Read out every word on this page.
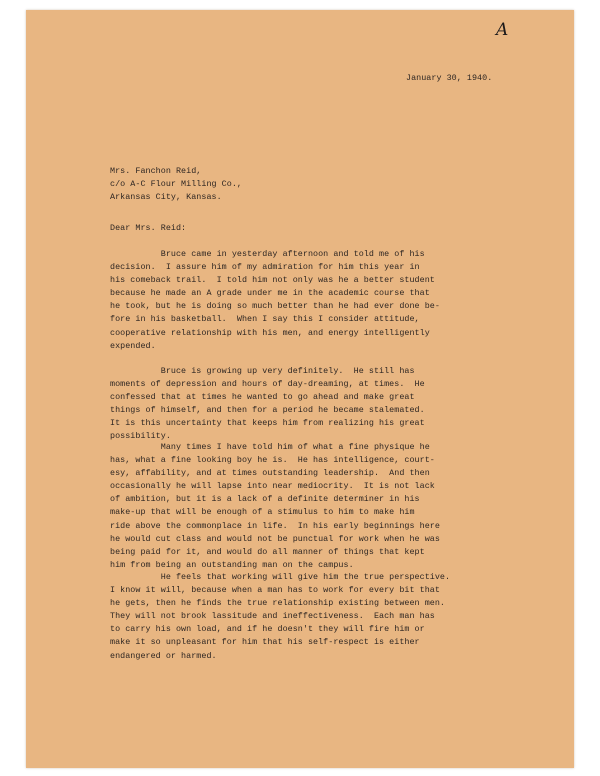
A
January 30, 1940.
Mrs. Fanchon Reid,
c/o A-C Flour Milling Co.,
Arkansas City, Kansas.
Dear Mrs. Reid:
Bruce came in yesterday afternoon and told me of his
decision.  I assure him of my admiration for him this year in
his comeback trail.  I told him not only was he a better student
because he made an A grade under me in the academic course that
he took, but he is doing so much better than he had ever done be-
fore in his basketball.  When I say this I consider attitude,
cooperative relationship with his men, and energy intelligently
expended.
Bruce is growing up very definitely.  He still has
moments of depression and hours of day-dreaming, at times.  He
confessed that at times he wanted to go ahead and make great
things of himself, and then for a period he became stalemated.
It is this uncertainty that keeps him from realizing his great
possibility.
Many times I have told him of what a fine physique he
has, what a fine looking boy he is.  He has intelligence, court-
esy, affability, and at times outstanding leadership.  And then
occasionally he will lapse into near mediocrity.  It is not lack
of ambition, but it is a lack of a definite determiner in his
make-up that will be enough of a stimulus to him to make him
ride above the commonplace in life.  In his early beginnings here
he would cut class and would not be punctual for work when he was
being paid for it, and would do all manner of things that kept
him from being an outstanding man on the campus.
He feels that working will give him the true perspective.
I know it will, because when a man has to work for every bit that
he gets, then he finds the true relationship existing between men.
They will not brook lassitude and ineffectiveness.  Each man has
to carry his own load, and if he doesn't they will fire him or
make it so unpleasant for him that his self-respect is either
endangered or harmed.
